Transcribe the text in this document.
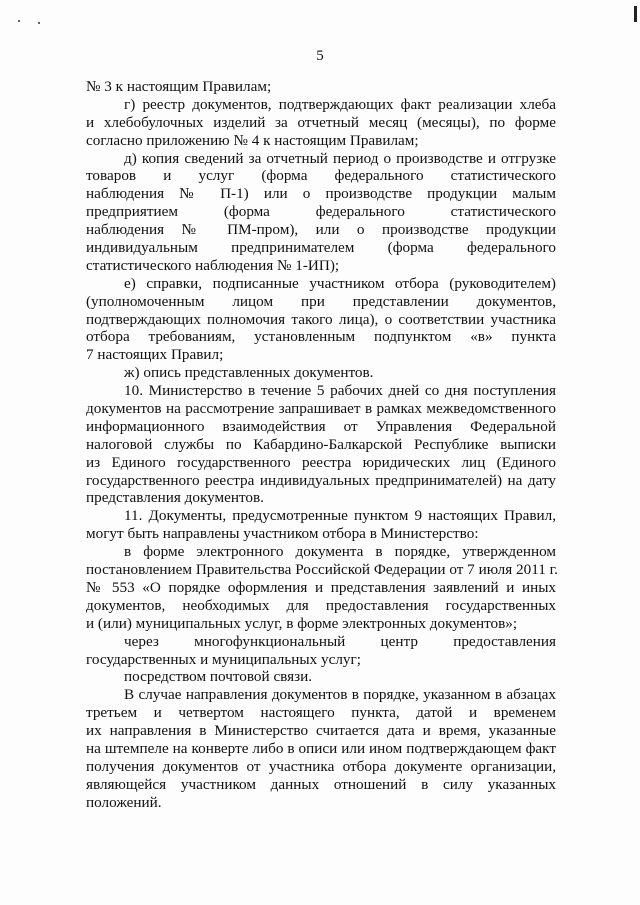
5
№ 3 к настоящим Правилам;
г) реестр документов, подтверждающих факт реализации хлеба
и хлебобулочных изделий за отчетный месяц (месяцы), по форме
согласно приложению № 4 к настоящим Правилам;
д) копия сведений за отчетный период о производстве и отгрузке
товаров и услуг (форма федерального статистического
наблюдения № П-1) или о производстве продукции малым
предприятием (форма федерального статистического
наблюдения № ПМ-пром), или о производстве продукции
индивидуальным предпринимателем (форма федерального
статистического наблюдения № 1-ИП);
е) справки, подписанные участником отбора (руководителем)
(уполномоченным лицом при представлении документов,
подтверждающих полномочия такого лица), о соответствии участника
отбора требованиям, установленным подпунктом «в» пункта
7 настоящих Правил;
ж) опись представленных документов.
10. Министерство в течение 5 рабочих дней со дня поступления
документов на рассмотрение запрашивает в рамках межведомственного
информационного взаимодействия от Управления Федеральной
налоговой службы по Кабардино-Балкарской Республике выписки
из Единого государственного реестра юридических лиц (Единого
государственного реестра индивидуальных предпринимателей) на дату
представления документов.
11. Документы, предусмотренные пунктом 9 настоящих Правил,
могут быть направлены участником отбора в Министерство:
в форме электронного документа в порядке, утвержденном
постановлением Правительства Российской Федерации от 7 июля 2011 г.
№ 553 «О порядке оформления и представления заявлений и иных
документов, необходимых для предоставления государственных
и (или) муниципальных услуг, в форме электронных документов»;
через многофункциональный центр предоставления
государственных и муниципальных услуг;
посредством почтовой связи.
В случае направления документов в порядке, указанном в абзацах
третьем и четвертом настоящего пункта, датой и временем
их направления в Министерство считается дата и время, указанные
на штемпеле на конверте либо в описи или ином подтверждающем факт
получения документов от участника отбора документе организации,
являющейся участником данных отношений в силу указанных
положений.
